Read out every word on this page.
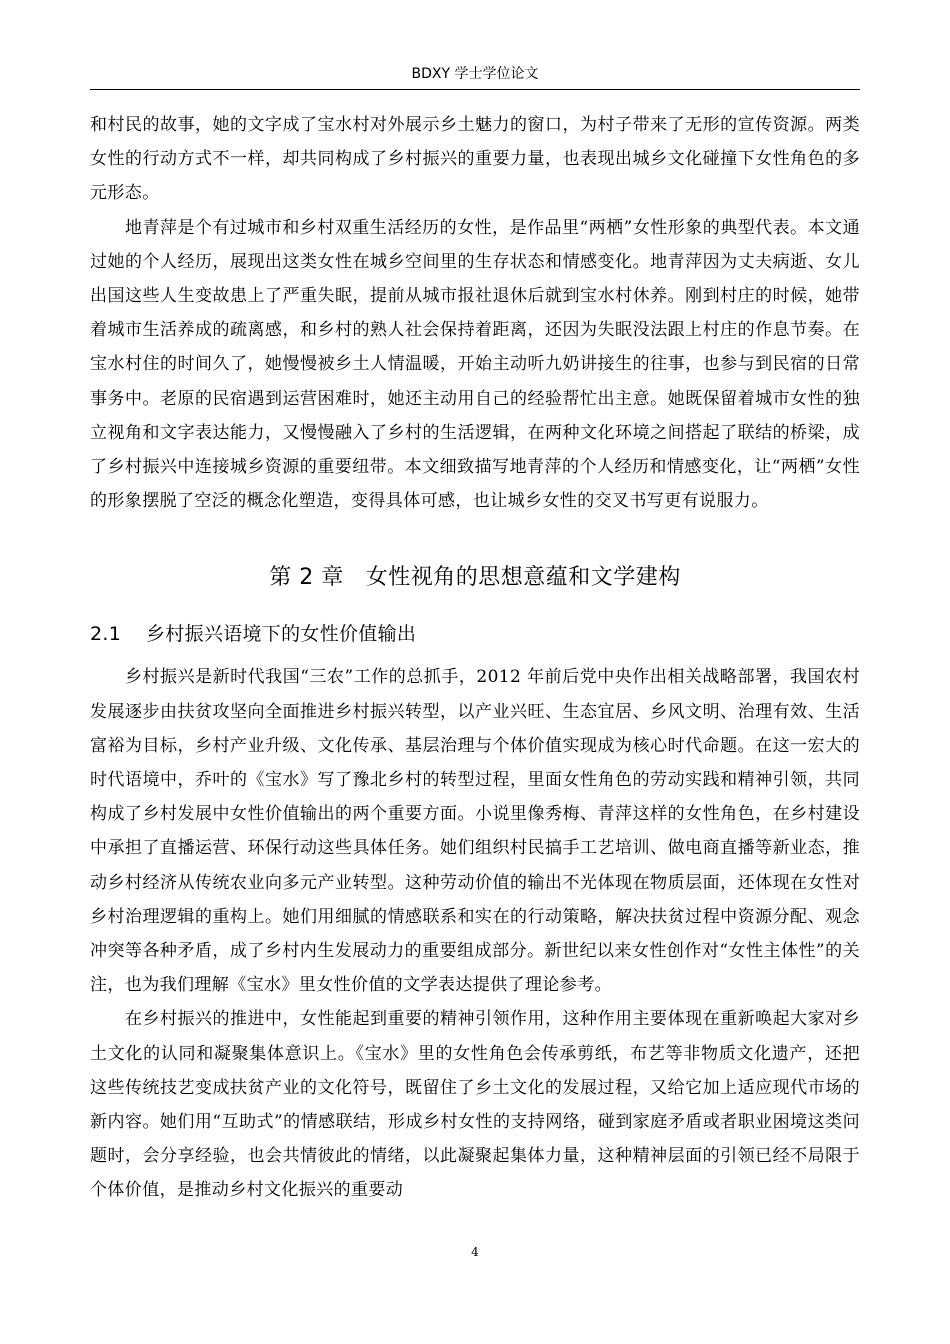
BDXY 学士学位论文

和村民的故事，她的文字成了宝水村对外展示乡土魅力的窗口，为村子带来了无形的宣传资源。两类女性的行动方式不一样，却共同构成了乡村振兴的重要力量，也表现出城乡文化碰撞下女性角色的多元形态。

地青萍是个有过城市和乡村双重生活经历的女性，是作品里“两栖”女性形象的典型代表。本文通过她的个人经历，展现出这类女性在城乡空间里的生存状态和情感变化。地青萍因为丈夫病逝、女儿出国这些人生变故患上了严重失眠，提前从城市报社退休后就到宝水村休养。刚到村庄的时候，她带着城市生活养成的疏离感，和乡村的熟人社会保持着距离，还因为失眠没法跟上村庄的作息节奏。在宝水村住的时间久了，她慢慢被乡土人情温暖，开始主动听九奶讲接生的往事，也参与到民宿的日常事务中。老原的民宿遇到运营困难时，她还主动用自己的经验帮忙出主意。她既保留着城市女性的独立视角和文字表达能力，又慢慢融入了乡村的生活逻辑，在两种文化环境之间搭起了联结的桥梁，成了乡村振兴中连接城乡资源的重要纽带。本文细致描写地青萍的个人经历和情感变化，让“两栖”女性的形象摆脱了空泛的概念化塑造，变得具体可感，也让城乡女性的交叉书写更有说服力。

第 2 章 女性视角的思想意蕴和文学建构
2.1 乡村振兴语境下的女性价值输出

乡村振兴是新时代我国“三农”工作的总抓手，2012 年前后党中央作出相关战略部署，我国农村发展逐步由扶贫攻坚向全面推进乡村振兴转型，以产业兴旺、生态宜居、乡风文明、治理有效、生活富裕为目标，乡村产业升级、文化传承、基层治理与个体价值实现成为核心时代命题。在这一宏大的时代语境中，乔叶的《宝水》写了豫北乡村的转型过程，里面女性角色的劳动实践和精神引领，共同构成了乡村发展中女性价值输出的两个重要方面。小说里像秀梅、青萍这样的女性角色，在乡村建设中承担了直播运营、环保行动这些具体任务。她们组织村民搞手工艺培训、做电商直播等新业态，推动乡村经济从传统农业向多元产业转型。这种劳动价值的输出不光体现在物质层面，还体现在女性对乡村治理逻辑的重构上。她们用细腻的情感联系和实在的行动策略，解决扶贫过程中资源分配、观念冲突等各种矛盾，成了乡村内生发展动力的重要组成部分。新世纪以来女性创作对“女性主体性”的关注，也为我们理解《宝水》里女性价值的文学表达提供了理论参考。

在乡村振兴的推进中，女性能起到重要的精神引领作用，这种作用主要体现在重新唤起大家对乡土文化的认同和凝聚集体意识上。《宝水》里的女性角色会传承剪纸，布艺等非物质文化遗产，还把这些传统技艺变成扶贫产业的文化符号，既留住了乡土文化的发展过程，又给它加上适应现代市场的新内容。她们用“互助式”的情感联结，形成乡村女性的支持网络，碰到家庭矛盾或者职业困境这类问题时，会分享经验，也会共情彼此的情绪，以此凝聚起集体力量，这种精神层面的引领已经不局限于个体价值，是推动乡村文化振兴的重要动

4
